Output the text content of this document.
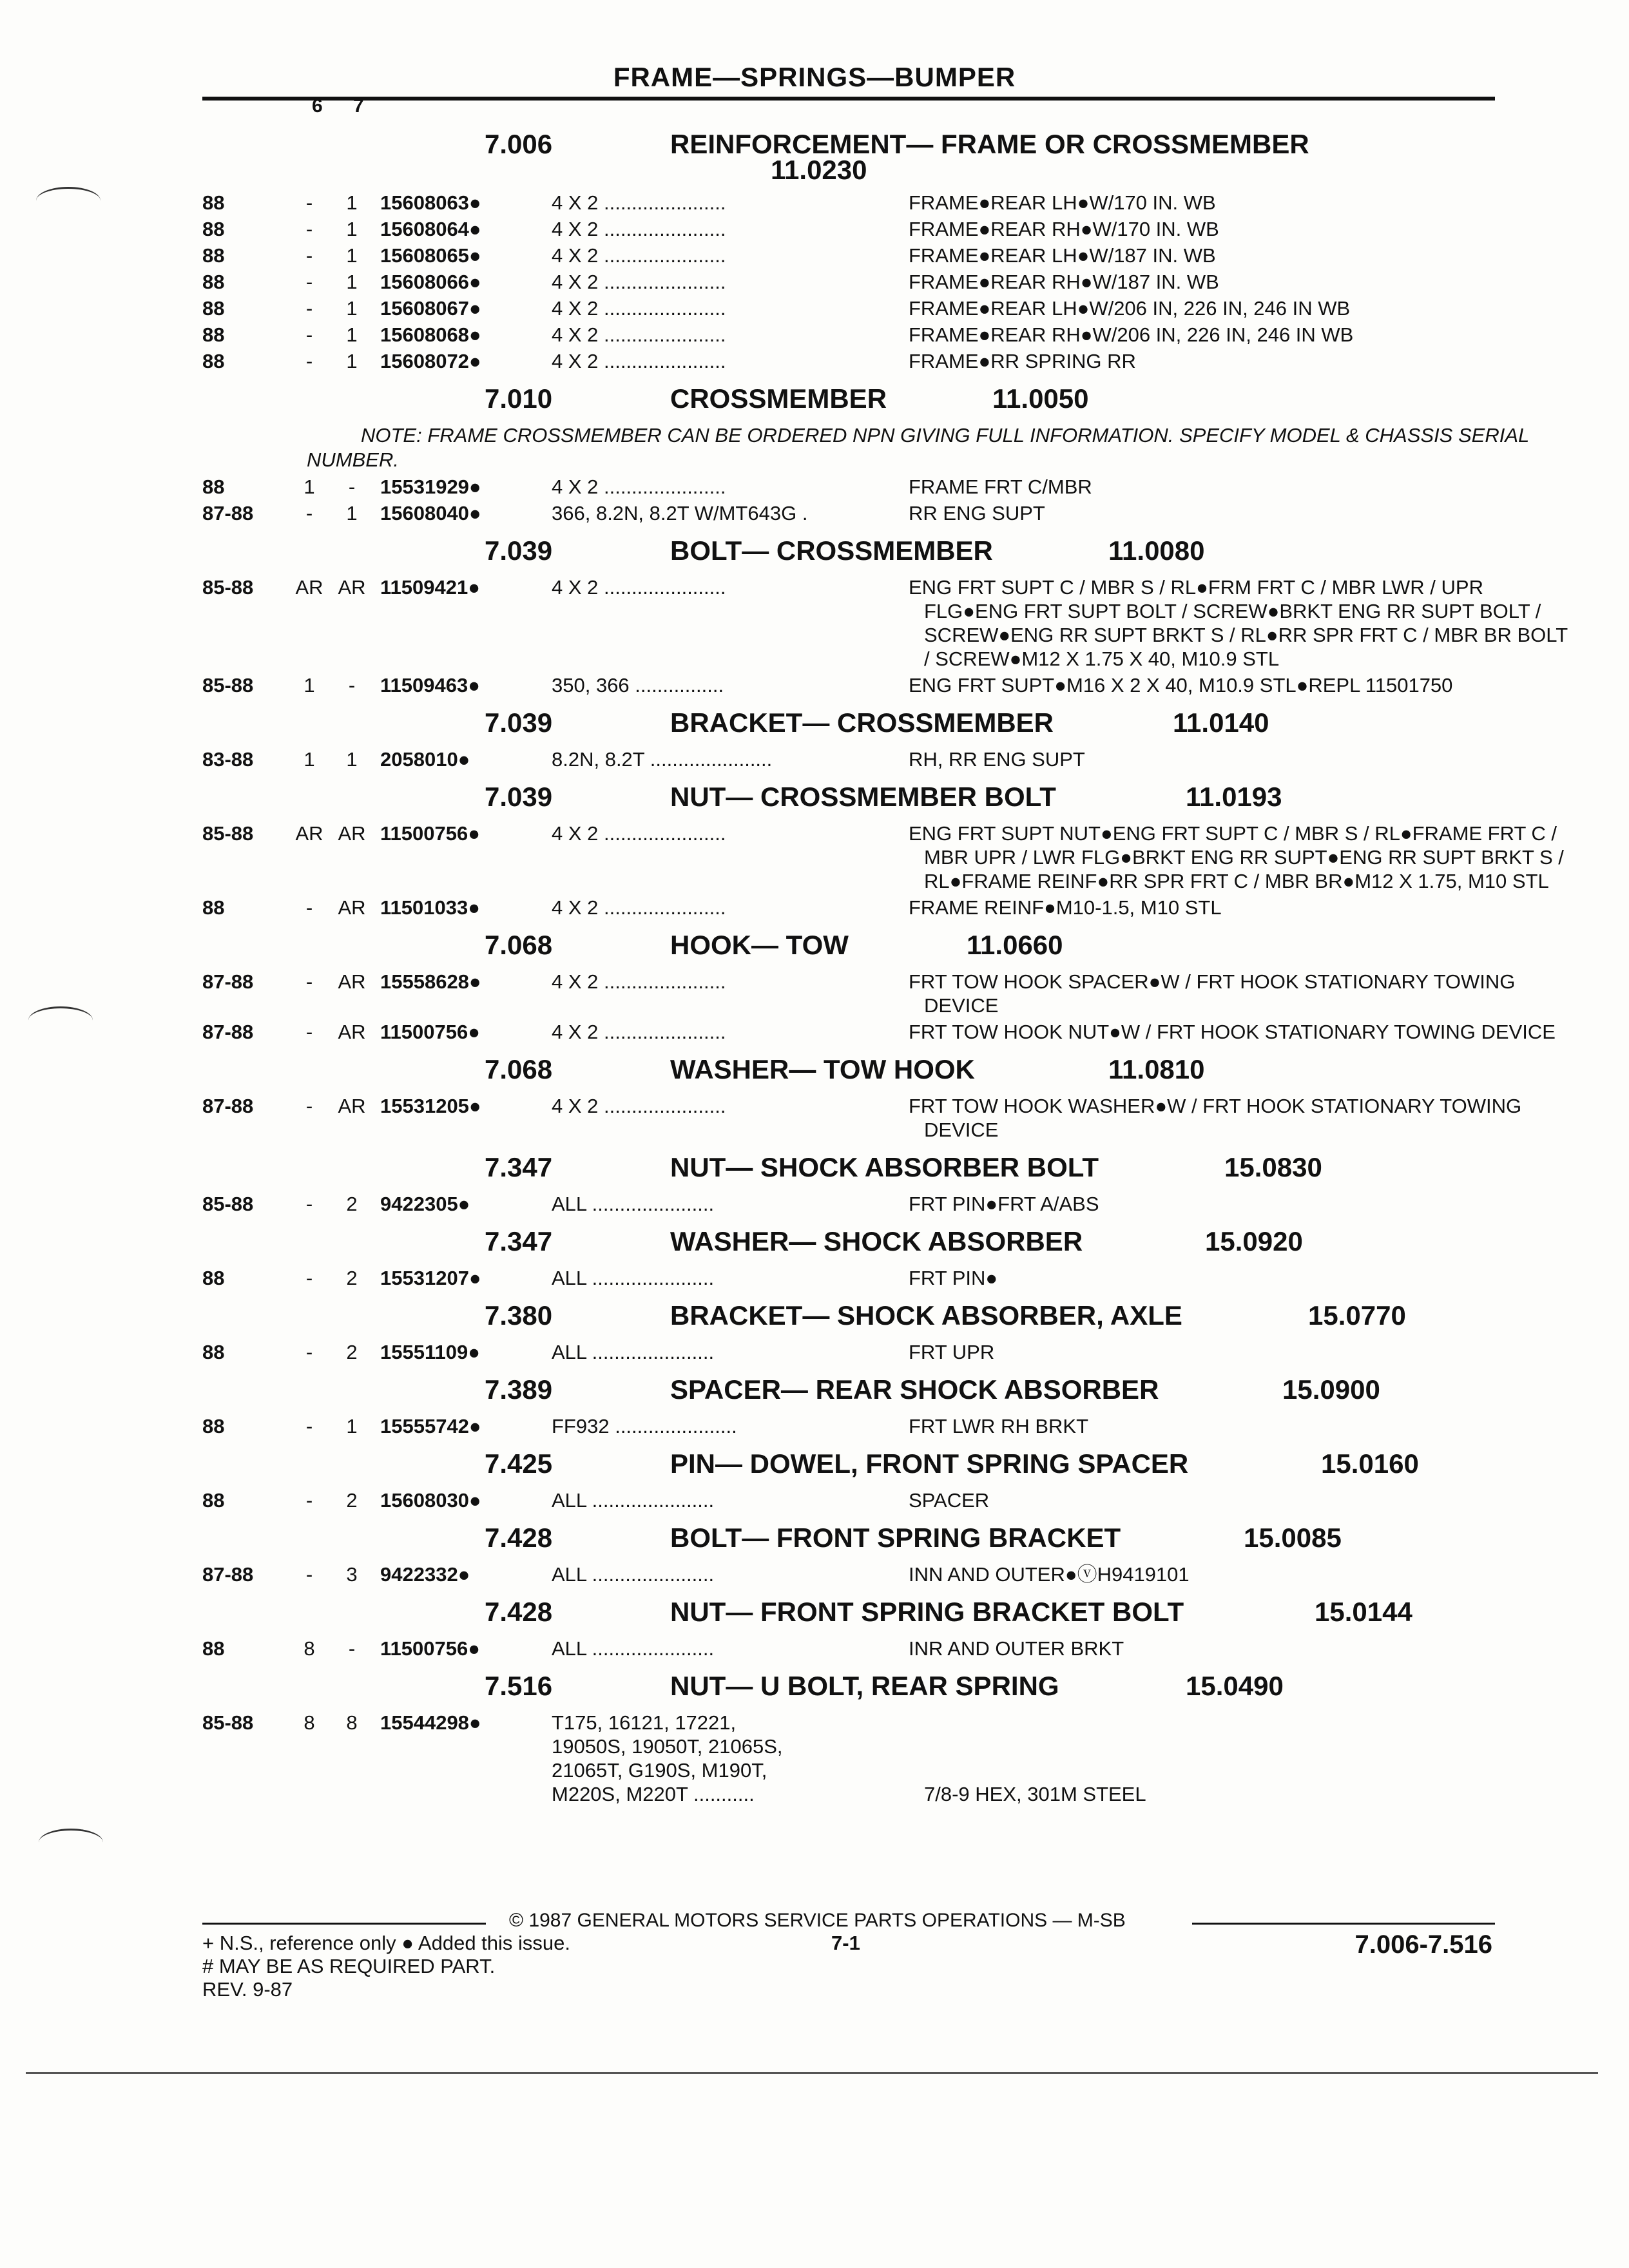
FRAME—SPRINGS—BUMPER
6 7
7.006	REINFORCEMENT— FRAME OR CROSSMEMBER
11.0230
88	-	1	15608063●	4 X 2 ......................	FRAME●REAR LH●W/170 IN. WB
88	-	1	15608064●	4 X 2 ......................	FRAME●REAR RH●W/170 IN. WB
88	-	1	15608065●	4 X 2 ......................	FRAME●REAR LH●W/187 IN. WB
88	-	1	15608066●	4 X 2 ......................	FRAME●REAR RH●W/187 IN. WB
88	-	1	15608067●	4 X 2 ......................	FRAME●REAR LH●W/206 IN, 226 IN, 246 IN WB
88	-	1	15608068●	4 X 2 ......................	FRAME●REAR RH●W/206 IN, 226 IN, 246 IN WB
88	-	1	15608072●	4 X 2 ......................	FRAME●RR SPRING RR
7.010	CROSSMEMBER	11.0050
NOTE: FRAME CROSSMEMBER CAN BE ORDERED NPN GIVING FULL INFORMATION. SPECIFY MODEL & CHASSIS SERIAL NUMBER.
88	1	-	15531929●	4 X 2 ......................	FRAME FRT C/MBR
87-88	-	1	15608040●	366, 8.2N, 8.2T W/MT643G .	RR ENG SUPT
7.039	BOLT— CROSSMEMBER	11.0080
85-88 AR AR 11509421●	4 X 2 ......................	ENG FRT SUPT C / MBR S / RL●FRM FRT C / MBR LWR / UPR FLG●ENG FRT SUPT BOLT / SCREW●BRKT ENG RR SUPT BOLT / SCREW●ENG RR SUPT BRKT S / RL●RR SPR FRT C / MBR BR BOLT / SCREW●M12 X 1.75 X 40, M10.9 STL
85-88	1	-	11509463●	350, 366 ................	ENG FRT SUPT●M16 X 2 X 40, M10.9 STL●REPL 11501750
7.039	BRACKET— CROSSMEMBER	11.0140
83-88	1	1	2058010●	8.2N, 8.2T ......................	RH, RR ENG SUPT
7.039	NUT— CROSSMEMBER BOLT	11.0193
85-88 AR AR 11500756●	4 X 2 ......................	ENG FRT SUPT NUT●ENG FRT SUPT C / MBR S / RL●FRAME FRT C / MBR UPR / LWR FLG●BRKT ENG RR SUPT●ENG RR SUPT BRKT S / RL●FRAME REINF●RR SPR FRT C / MBR BR●M12 X 1.75, M10 STL
88	-	AR 11501033●	4 X 2 ......................	FRAME REINF●M10-1.5, M10 STL
7.068	HOOK— TOW	11.0660
87-88	-	AR 15558628●	4 X 2 ......................	FRT TOW HOOK SPACER●W / FRT HOOK STATIONARY TOWING DEVICE
87-88	-	AR 11500756●	4 X 2 ......................	FRT TOW HOOK NUT●W / FRT HOOK STATIONARY TOWING DEVICE
7.068	WASHER— TOW HOOK	11.0810
87-88	-	AR 15531205●	4 X 2 ......................	FRT TOW HOOK WASHER●W / FRT HOOK STATIONARY TOWING DEVICE
7.347	NUT— SHOCK ABSORBER BOLT	15.0830
85-88	-	2	9422305●	ALL ......................	FRT PIN●FRT A/ABS
7.347	WASHER— SHOCK ABSORBER	15.0920
88	-	2	15531207●	ALL ......................	FRT PIN●
7.380	BRACKET— SHOCK ABSORBER, AXLE	15.0770
88	-	2	15551109●	ALL ......................	FRT UPR
7.389	SPACER— REAR SHOCK ABSORBER	15.0900
88	-	1	15555742●	FF932 ......................	FRT LWR RH BRKT
7.425	PIN— DOWEL, FRONT SPRING SPACER	15.0160
88	-	2	15608030●	ALL ......................	SPACER
7.428	BOLT— FRONT SPRING BRACKET	15.0085
87-88	-	3	9422332●	ALL ......................	INN AND OUTER●ⓥH9419101
7.428	NUT— FRONT SPRING BRACKET BOLT	15.0144
88	8	-	11500756●	ALL ......................	INR AND OUTER BRKT
7.516	NUT— U BOLT, REAR SPRING	15.0490
85-88	8	8	15544298●	T175, 16121, 17221,
19050S, 19050T, 21065S,
21065T, G190S, M190T,
M220S, M220T ...........	

7/8-9 HEX, 301M STEEL
© 1987 GENERAL MOTORS SERVICE PARTS OPERATIONS — M-SB
+ N.S., reference only ● Added this issue.
# MAY BE AS REQUIRED PART.
REV. 9-87
7-1	7.006-7.516
